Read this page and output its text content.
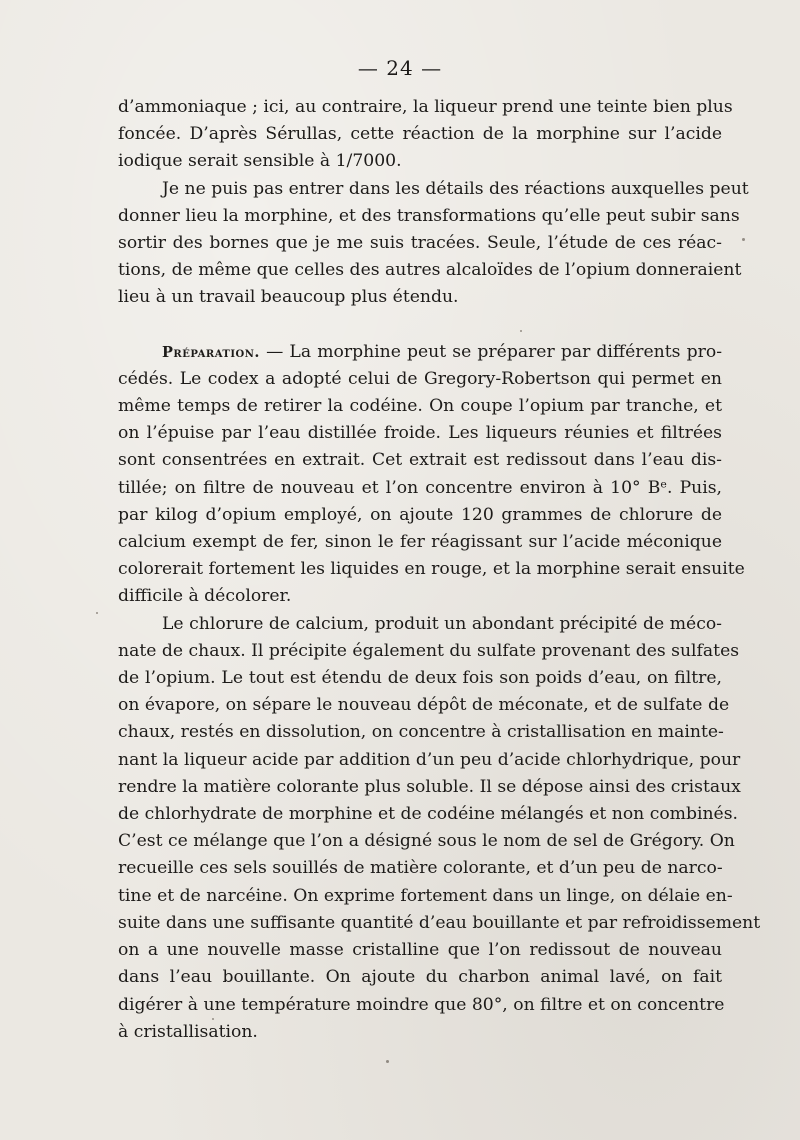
— 24 —
d’ammoniaque ; ici, au contraire, la liqueur prend une teinte bien plus
foncée. D’après Sérullas, cette réaction de la morphine sur l’acide
iodique serait sensible à 1/7000.
Je ne puis pas entrer dans les détails des réactions auxquelles peut
donner lieu la morphine, et des transformations qu’elle peut subir sans
sortir des bornes que je me suis tracées. Seule, l’étude de ces réac-
tions, de même que celles des autres alcaloïdes de l’opium donneraient
lieu à un travail beaucoup plus étendu.
Préparation. — La morphine peut se préparer par différents pro-
cédés. Le codex a adopté celui de Gregory-Robertson qui permet en
même temps de retirer la codéine. On coupe l’opium par tranche, et
on l’épuise par l’eau distillée froide. Les liqueurs réunies et filtrées
sont consentrées en extrait. Cet extrait est redissout dans l’eau dis-
tillée; on filtre de nouveau et l’on concentre environ à 10° Bᵉ. Puis,
par kilog d’opium employé, on ajoute 120 grammes de chlorure de
calcium exempt de fer, sinon le fer réagissant sur l’acide méconique
colorerait fortement les liquides en rouge, et la morphine serait ensuite
difficile à décolorer.
Le chlorure de calcium, produit un abondant précipité de méco-
nate de chaux. Il précipite également du sulfate provenant des sulfates
de l’opium. Le tout est étendu de deux fois son poids d’eau, on filtre,
on évapore, on sépare le nouveau dépôt de méconate, et de sulfate de
chaux, restés en dissolution, on concentre à cristallisation en mainte-
nant la liqueur acide par addition d’un peu d’acide chlorhydrique, pour
rendre la matière colorante plus soluble. Il se dépose ainsi des cristaux
de chlorhydrate de morphine et de codéine mélangés et non combinés.
C’est ce mélange que l’on a désigné sous le nom de sel de Grégory. On
recueille ces sels souillés de matière colorante, et d’un peu de narco-
tine et de narcéine. On exprime fortement dans un linge, on délaie en-
suite dans une suffisante quantité d’eau bouillante et par refroidissement
on a une nouvelle masse cristalline que l’on redissout de nouveau
dans l’eau bouillante. On ajoute du charbon animal lavé, on fait
digérer à une température moindre que 80°, on filtre et on concentre
à cristallisation.
